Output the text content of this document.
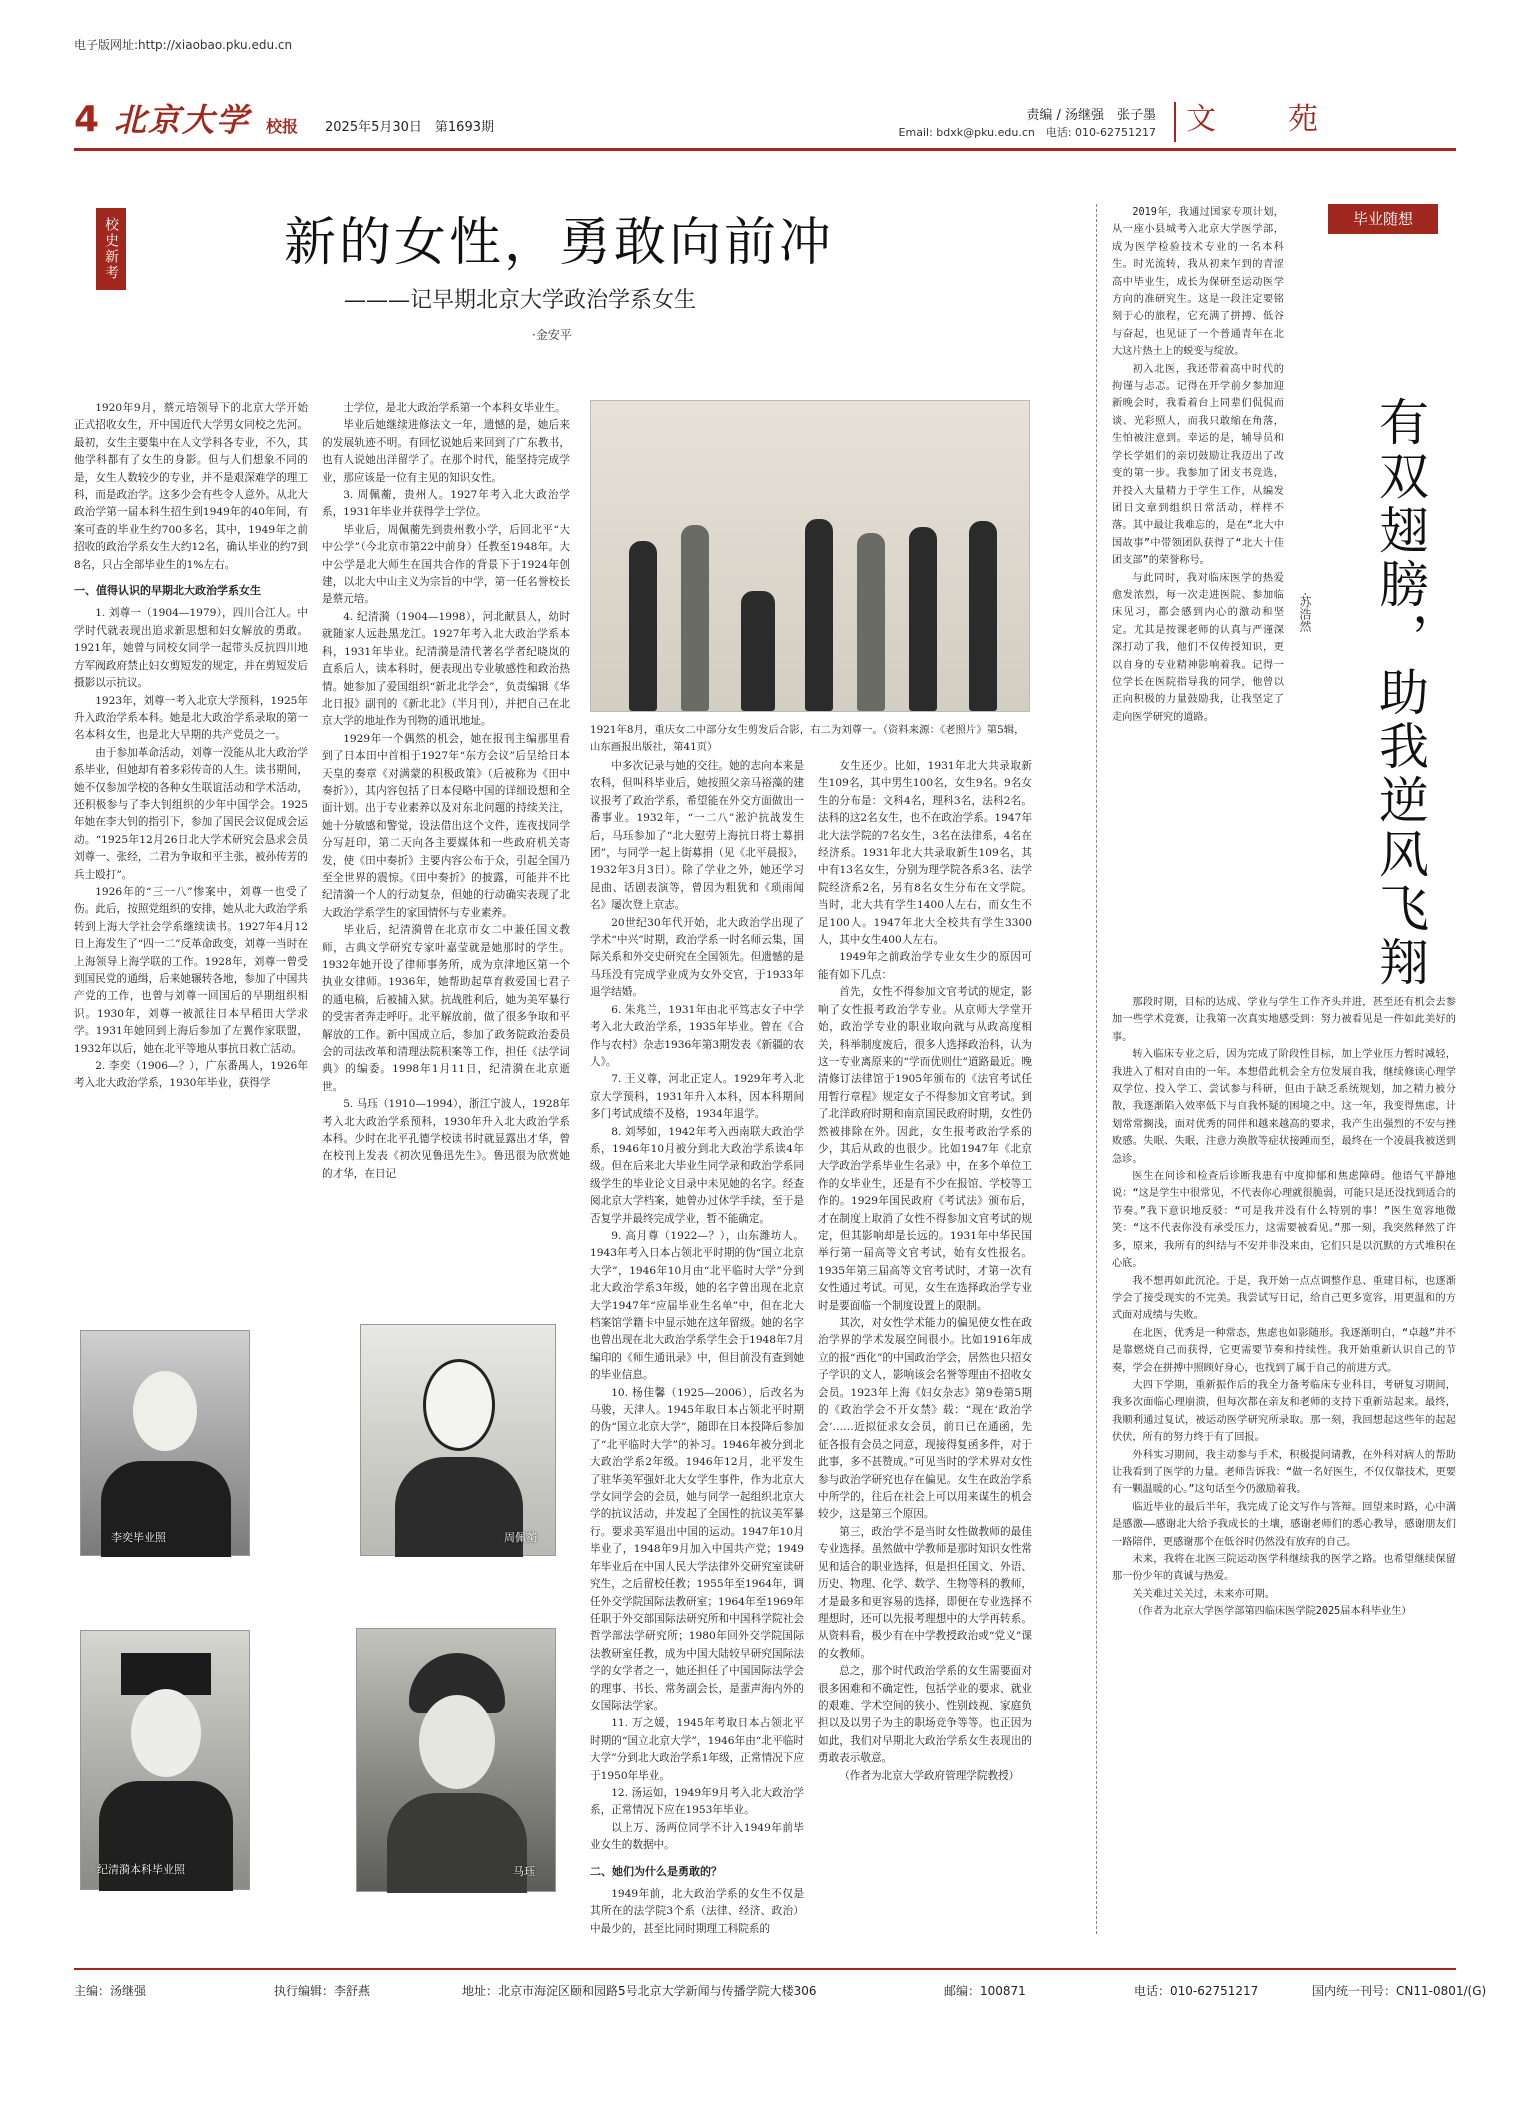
电子版网址:http://xiaobao.pku.edu.cn
4 北京大学 校报 2025年5月30日　第1693期
责编 / 汤继强　张子墨
Email: bdxk@pku.edu.cn　电话: 010-62751217 文苑
校史新考	新的女性，勇敢向前冲
———记早期北京大学政治学系女生
·金安平

1920年9月，蔡元培领导下的北京大学开始正式招收女生，开中国近代大学男女同校之先河。最初，女生主要集中在人文学科各专业，不久，其他学科都有了女生的身影。但与人们想象不同的是，女生人数较少的专业，并不是艰深难学的理工科，而是政治学。这多少会有些令人意外。从北大政治学第一届本科生招生到1949年的40年间，有案可查的毕业生约700多名，其中，1949年之前招收的政治学系女生大约12名，确认毕业的约7到8名，只占全部毕业生的1%左右。

一、值得认识的早期北大政治学系女生

1. 刘尊一（1904—1979），四川合江人。中学时代就表现出追求新思想和妇女解放的勇敢。1921年，她曾与同校女同学一起带头反抗四川地方军阀政府禁止妇女剪短发的规定，并在剪短发后摄影以示抗议。

1923年，刘尊一考入北京大学预科，1925年升入政治学系本科。她是北大政治学系录取的第一名本科女生，也是北大早期的共产党员之一。

由于参加革命活动，刘尊一没能从北大政治学系毕业，但她却有着多彩传奇的人生。读书期间，她不仅参加学校的各种女生联谊活动和学术活动，还积极参与了李大钊组织的少年中国学会。1925年她在李大钊的指引下，参加了国民会议促成会运动。“1925年12月26日北大学术研究会恳求会员刘尊一、张经，二君为争取和平主张，被孙传芳的兵士殴打”。

1926年的“三一八”惨案中，刘尊一也受了伤。此后，按照党组织的安排，她从北大政治学系转到上海大学社会学系继续读书。1927年4月12日上海发生了“四一二”反革命政变，刘尊一当时在上海领导上海学联的工作。1928年，刘尊一曾受到国民党的通缉，后来她辗转各地，参加了中国共产党的工作，也曾与刘尊一回国后的早期组织相识。1930年，刘尊一被派往日本早稻田大学求学。1931年她回到上海后参加了左翼作家联盟，1932年以后，她在北平等地从事抗日救亡活动。

2. 李奕（1906—？），广东番禺人，1926年考入北大政治学系，1930年毕业，获得学

士学位，是北大政治学系第一个本科女毕业生。

毕业后她继续进修法文一年，遗憾的是，她后来的发展轨迹不明。有回忆说她后来回到了广东教书，也有人说她出洋留学了。在那个时代，能坚持完成学业，那应该是一位有主见的知识女性。

3. 周佩蘅，贵州人。1927年考入北大政治学系，1931年毕业并获得学士学位。

毕业后，周佩蘅先到贵州教小学，后回北平“大中公学”（今北京市第22中前身）任教至1948年。大中公学是北大师生在国共合作的背景下于1924年创建，以北大中山主义为宗旨的中学，第一任名誉校长是蔡元培。

4. 纪清漪（1904—1998），河北献县人，幼时就随家人远赴黑龙江。1927年考入北大政治学系本科，1931年毕业。纪清漪是清代著名学者纪晓岚的直系后人，读本科时，便表现出专业敏感性和政治热情。她参加了爱国组织“新北北学会”，负责编辑《华北日报》副刊的《新北北》（半月刊），并把自己在北京大学的地址作为刊物的通讯地址。

1929年一个偶然的机会，她在报刊主编那里看到了日本田中首相于1927年“东方会议”后呈给日本天皇的奏章《对满蒙的积极政策》（后被称为《田中奏折》），其内容包括了日本侵略中国的详细设想和全面计划。出于专业素养以及对东北问题的持续关注，她十分敏感和警觉，设法借出这个文件，连夜找同学分写赶印，第二天向各主要媒体和一些政府机关寄发，使《田中奏折》主要内容公布于众，引起全国乃至全世界的震惊。《田中奏折》的披露，可能并不比纪清漪一个人的行动复杂，但她的行动确实表现了北大政治学系学生的家国情怀与专业素养。

毕业后，纪清漪曾在北京市女二中兼任国文教师，古典文学研究专家叶嘉莹就是她那时的学生。1932年她开设了律师事务所，成为京津地区第一个执业女律师。1936年，她帮助起草育救爱国七君子的通电稿，后被捕入狱。抗战胜利后，她为美军暴行的受害者奔走呼吁。北平解放前，做了很多争取和平解放的工作。新中国成立后，参加了政务院政治委员会的司法改革和清理法院积案等工作，担任《法学词典》的编委。1998年1月11日，纪清漪在北京逝世。

5. 马珏（1910—1994），浙江宁波人，1928年考入北大政治学系预科，1930年升入北大政治学系本科。少时在北平孔德学校读书时就显露出才华，曾在校刊上发表《初次见鲁迅先生》。鲁迅很为欣赏她的才华，在日记

1921年8月，重庆女二中部分女生剪发后合影，右二为刘尊一。（资料来源：《老照片》第5辑，山东画报出版社，第41页）

中多次记录与她的交往。她的志向本来是农科，但叫科毕业后，她按照父亲马裕藻的建议报考了政治学系，希望能在外交方面做出一番事业。1932年，“一二八”淞沪抗战发生后，马珏参加了“北大慰劳上海抗日将士募捐团”，与同学一起上街募捐（见《北平晨报》，1932年3月3日）。除了学业之外，她还学习昆曲、话剧表演等，曾因为粗犹和《琐雨闻名》屡次登上京志。

20世纪30年代开始，北大政治学出现了学术“中兴”时期，政治学系一时名师云集，国际关系和外交史研究在全国领先。但遗憾的是马珏没有完成学业成为女外交官，于1933年退学结婚。

6. 朱兆兰，1931年由北平笃志女子中学考入北大政治学系，1935年毕业。曾在《合作与农村》杂志1936年第3期发表《新疆的农人》。

7. 王义尊，河北正定人。1929年考入北京大学预科，1931年升入本科，因本科期间多门考试成绩不及格，1934年退学。

8. 刘琴如，1942年考入西南联大政治学系，1946年10月被分到北大政治学系读4年级。但在后来北大毕业生同学录和政治学系同级学生的毕业论文目录中未见她的名字。经查阅北京大学档案，她曾办过休学手续，至于是否复学并最终完成学业，暂不能确定。

9. 高月尊（1922—？），山东潍坊人。1943年考入日本占领北平时期的伪“国立北京大学”，1946年10月由“北平临时大学”分到北大政治学系3年级，她的名字曾出现在北京大学1947年“应届毕业生名单”中，但在北大档案馆学籍卡中显示她在这年留级。她的名字也曾出现在北大政治学系学生会于1948年7月编印的《师生通讯录》中，但目前没有查到她的毕业信息。

10. 杨佳馨（1925—2006），后改名为马骏，天津人。1945年取日本占领北平时期的伪“国立北京大学”，随即在日本投降后参加了“北平临时大学”的补习。1946年被分到北大政治学系2年级。1946年12月，北平发生了驻华美军强奸北大女学生事件，作为北京大学女同学会的会员，她与同学一起组织北京大学的抗议活动，并发起了全国性的抗议美军暴行。要求美军退出中国的运动。1947年10月毕业了，1948年9月加入中国共产党；1949年毕业后在中国人民大学法律外交研究室读研究生，之后留校任教；1955年至1964年，调任外交学院国际法教研室；1964年至1969年任职于外交部国际法研究所和中国科学院社会哲学部法学研究所；1980年回外交学院国际法教研室任教，成为中国大陆较早研究国际法学的女学者之一，她还担任了中国国际法学会的理事、书长、常务副会长，是蜚声海内外的女国际法学家。

11. 万之媛，1945年考取日本占领北平时期的“国立北京大学”，1946年由“北平临时大学”分到北大政治学系1年级，正常情况下应于1950年毕业。

12. 汤运如，1949年9月考入北大政治学系，正常情况下应在1953年毕业。

以上万、汤两位同学不计入1949年前毕业女生的数据中。

二、她们为什么是勇敢的？

1949年前，北大政治学系的女生不仅是其所在的法学院3个系（法律、经济、政治）中最少的，甚至比同时期理工科院系的

女生还少。比如，1931年北大共录取新生109名，其中男生100名，女生9名。9名女生的分布是：文科4名，理科3名，法科2名。法科的这2名女生，也不在政治学系。1947年北大法学院的7名女生，3名在法律系，4名在经济系。1931年北大共录取新生109名，其中有13名女生，分别为理学院各系3名、法学院经济系2名，另有8名女生分布在文学院。当时，北大共有学生1400人左右，而女生不足100人。1947年北大全校共有学生3300人，其中女生400人左右。

1949年之前政治学专业女生少的原因可能有如下几点：

首先，女性不得参加文官考试的规定，影响了女性报考政治学专业。从京师大学堂开始，政治学专业的职业取向就与从政高度相关，科举制度废后，很多人选择政治科，认为这一专业离原来的“学而优则仕”道路最近。晚清修订法律馆于1905年颁布的《法官考试任用暂行章程》规定女子不得参加文官考试。到了北洋政府时期和南京国民政府时期，女性仍然被排除在外。因此，女生报考政治学系的少，其后从政的也很少。比如1947年《北京大学政治学系毕业生名录》中，在多个单位工作的女毕业生，还是有不少在报馆、学校等工作的。1929年国民政府《考试法》颁布后，才在制度上取消了女性不得参加文官考试的规定，但其影响却是长远的。1931年中华民国举行第一届高等文官考试，始有女性报名。1935年第三届高等文官考试时，才第一次有女性通过考试。可见，女生在选择政治学专业时是要面临一个制度设置上的限制。

其次，对女性学术能力的偏见使女性在政治学界的学术发展空间很小。比如1916年成立的报“西化”的中国政治学会，居然也只招女子学识的文人，影响该会名誉等理由不招收女会员。1923年上海《妇女杂志》第9卷第5期的《政治学会不开女禁》载：“现在‘政治学会’……近拟征求女会员，前日已在通函，先征各报有会员之同意，现接得复函多件，对于此事，多不甚赞成。”可见当时的学术界对女性参与政治学研究也存在偏见。女生在政治学系中所学的，往后在社会上可以用来谋生的机会较少，这是第三个原因。

第三，政治学不是当时女性做教师的最佳专业选择。虽然做中学教师是那时知识女性常见和适合的职业选择，但是担任国文、外语、历史、物理、化学、数学、生物等科的教师，才是最多和更容易的选择，即便在专业选择不理想时，还可以先报考理想中的大学再转系。从资料看，极少有在中学教授政治或“党义”课的女教师。

总之，那个时代政治学系的女生需要面对很多困难和不确定性，包括学业的要求、就业的艰难、学术空间的狭小、性别歧视、家庭负担以及以男子为主的职场竞争等等。也正因为如此，我们对早期北大政治学系女生表现出的勇敢表示敬意。

（作者为北京大学政府管理学院教授）

李奕毕业照	周佩蘅
纪清漪本科毕业照	马珏
毕业随想
有双翅膀，助我逆风飞翔
·苏浩然

2019年，我通过国家专项计划，从一座小县城考入北京大学医学部，成为医学检验技术专业的一名本科生。时光流转，我从初来乍到的青涩高中毕业生，成长为保研至运动医学方向的准研究生。这是一段注定要铭刻于心的旅程，它充满了拼搏、低谷与奋起，也见证了一个普通青年在北大这片热土上的蜕变与绽放。

初入北医，我还带着高中时代的拘谨与忐忑。记得在开学前夕参加迎新晚会时，我看着台上同辈们侃侃而谈、光彩照人，而我只敢缩在角落，生怕被注意到。幸运的是，辅导员和学长学姐们的亲切鼓励让我迈出了改变的第一步。我参加了团支书竞选，并投入大量精力于学生工作，从编发团日文章到组织日常活动，样样不落。其中最让我难忘的，是在“北大中国故事”中带领团队获得了“北大十佳团支部”的荣誉称号。

与此同时，我对临床医学的热爱愈发浓烈，每一次走进医院、参加临床见习，都会感到内心的激动和坚定。尤其是按课老师的认真与严谨深深打动了我，他们不仅传授知识，更以自身的专业精神影响着我。记得一位学长在医院指导我的同学，他曾以正向积极的力量鼓励我，让我坚定了走向医学研究的道路。

那段时期，目标的达成、学业与学生工作齐头并进，甚至还有机会去参加一些学术竞赛，让我第一次真实地感受到：努力被看见是一件如此美好的事。

转入临床专业之后，因为完成了阶段性目标，加上学业压力暂时减轻，我进入了相对自由的一年。本想借此机会全方位发展自我，继续修读心理学双学位、投入学工、尝试参与科研，但由于缺乏系统规划，加之精力被分散，我逐渐陷入效率低下与自我怀疑的困境之中。这一年，我变得焦虑，计划常常搁浅，面对优秀的同伴和越来越高的要求，我产生出强烈的不安与挫败感。失眠、失眠，注意力涣散等症状接踵而至，最终在一个凌晨我被送到急诊。

医生在问诊和检查后诊断我患有中度抑郁和焦虑障碍。他语气平静地说：“这是学生中很常见，不代表你心理就很脆弱，可能只是还没找到适合的节奏。”我下意识地反驳：“可是我并没有什么特别的事！”医生宽容地微笑：“这不代表你没有承受压力，这需要被看见。”那一刻，我突然释然了许多，原来，我所有的纠结与不安并非没来由，它们只是以沉默的方式堆积在心底。

我不想再如此沉沦。于是，我开始一点点调整作息、重建目标，也逐渐学会了接受现实的不完美。我尝试写日记，给自己更多宽容，用更温和的方式面对成绩与失败。

在北医，优秀是一种常态，焦虑也如影随形。我逐渐明白，“卓越”并不是靠燃烧自己而获得，它更需要节奏和持续性。我开始重新认识自己的节奏，学会在拼搏中照顾好身心，也找到了属于自己的前进方式。

大四下学期，重新振作后的我全力备考临床专业科目，考研复习期间，我多次面临心理崩溃，但每次都在亲友和老师的支持下重新站起来。最终，我顺利通过复试，被运动医学研究所录取。那一刻，我回想起这些年的起起伏伏，所有的努力终于有了回报。

外科实习期间，我主动参与手术，积极提问请教，在外科对病人的帮助让我看到了医学的力量。老师告诉我：“做一名好医生，不仅仅靠技术，更要有一颗温暖的心。”这句话至今仍激励着我。

临近毕业的最后半年，我完成了论文写作与答辩。回望来时路，心中满是感激——感谢北大给予我成长的土壤，感谢老师们的悉心教导，感谢朋友们一路陪伴，更感谢那个在低谷时仍然没有放弃的自己。

未来，我将在北医三院运动医学科继续我的医学之路。也希望继续保留那一份少年的真诚与热爱。

关关难过关关过，未来亦可期。

（作者为北京大学医学部第四临床医学院2025届本科毕业生）

主编：汤继强	执行编辑：李舒燕	地址：北京市海淀区颐和园路5号北京大学新闻与传播学院大楼306	邮编：100871	电话：010-62751217	国内统一刊号：CN11-0801/(G)
